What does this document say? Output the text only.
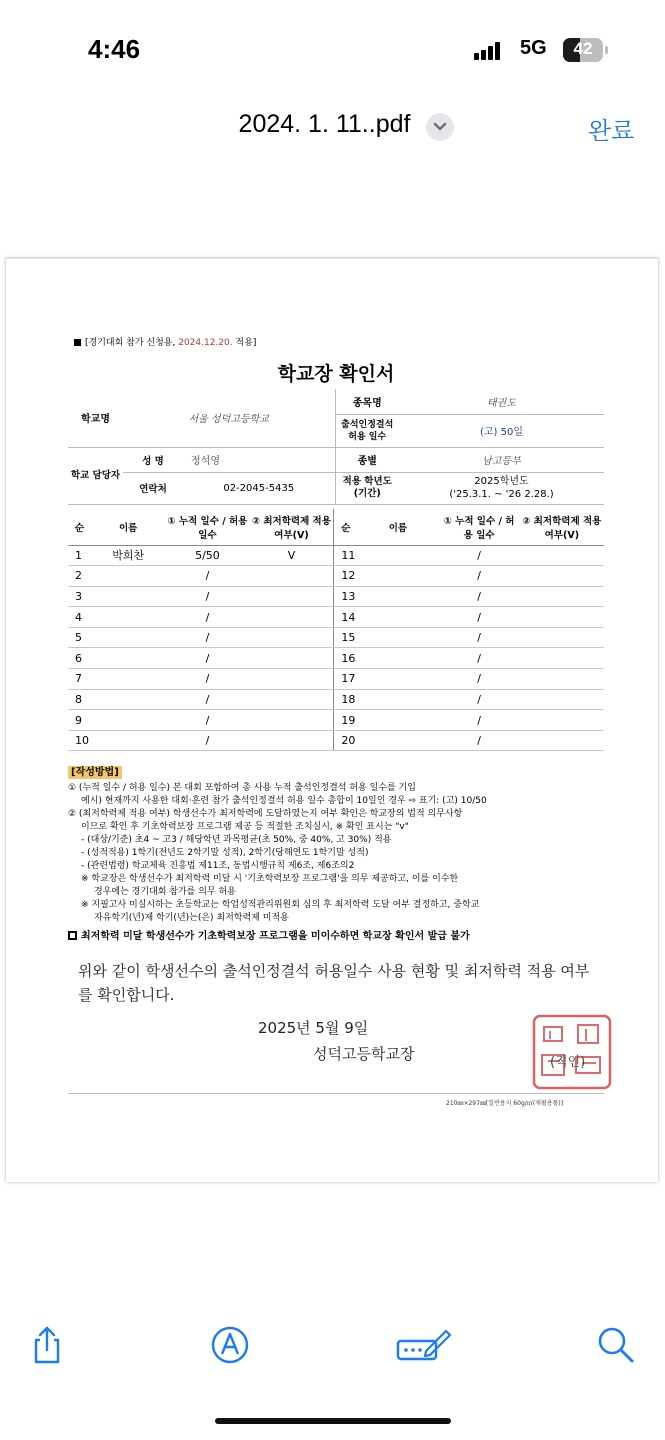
4:46	5G	42
2024. 1. 11..pdf	완료
[경기대회 참가 신청용, 2024.12.20. 적용]
학교장 확인서
학교명	서울 성덕고등학교		종목명	태권도
			출석인정결석 허용 일수	(고) 50일
학교 담당자	성 명	정석영	종별	남고등부
	연락처	02-2045-5435	적용 학년도 (기간)	2025학년도
('25.3.1. ~ '26 2.28.)
순	이름	① 누적 일수 / 허용 일수	② 최저학력제 적용 여부(V)	순	이름	① 누적 일수 / 허용 일수	② 최저학력제 적용 여부(V)
1	박희찬	5/50	V	11		/	
2		/		12		/	
3		/		13		/	
4		/		14		/	
5		/		15		/	
6		/		16		/	
7		/		17		/	
8		/		18		/	
9		/		19		/	
10		/		20		/	
[작성방법]

① (누적 일수 / 허용 일수) 본 대회 포함하여 총 사용 누적 출석인정결석 허용 일수를 기입

예시) 현재까지 사용한 대회·훈련 참가 출석인정결석 허용 일수 총합이 10일인 경우 ⇨ 표기: (고) 10/50

② (최저학력제 적용 여부) 학생선수가 최저학력에 도달하였는지 여부 확인은 학교장의 법적 의무사항

이므로 확인 후 기초학력보장 프로그램 제공 등 적절한 조치실시, ※ 확인 표시는 "v"

- (대상/기준) 초4 ~ 고3 / 해당학년 과목평균(초 50%, 중 40%, 고 30%) 적용

- (성적적용) 1학기(전년도 2학기말 성적), 2학기(당해연도 1학기말 성적)

- (관련법령) 학교체육 진흥법 제11조, 동법시행규칙 제6조, 제6조의2

※ 학교장은 학생선수가 최저학력 미달 시 '기초학력보장 프로그램'을 의무 제공하고, 이를 이수한

경우에는 경기대회 참가를 의무 허용

※ 지필고사 미실시하는 초등학교는 학업성적관리위원회 심의 후 최저학력 도달 여부 결정하고, 중학교

자유학기(년)제 학기(년)는(은) 최저학력제 미적용

최저학력 미달 학생선수가 기초학력보장 프로그램을 미이수하면 학교장 확인서 발급 불가

위와 같이 학생선수의 출석인정결석 허용일수 사용 현황 및 최저학력 적용 여부를 확인합니다.
2025년 5월 9일
성덕고등학교장	(직인)
210㎜×297㎜[일반용지 60g/㎡(재활용품)]
